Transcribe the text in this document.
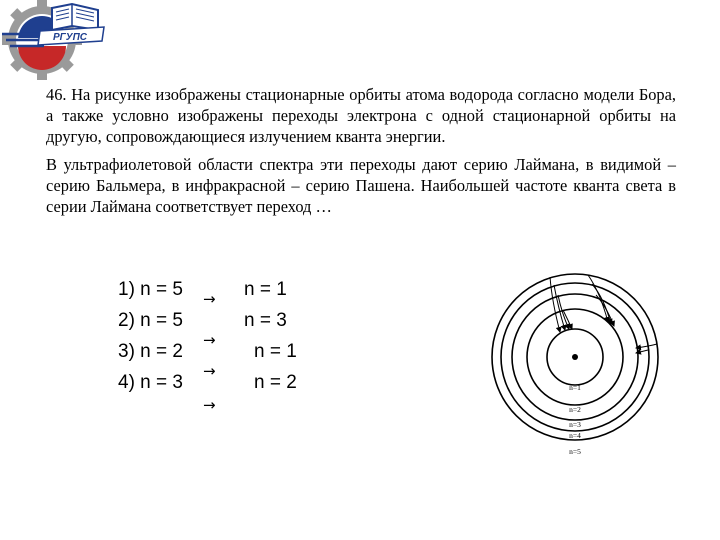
РГУПС

46. На рисунке изображены стационарные орбиты атома водорода согласно модели Бора, а также условно изображены переходы электрона с одной стационарной орбиты на другую, сопровождающиеся излучением кванта энергии.

В ультрафиолетовой области спектра эти переходы дают серию Лаймана, в видимой – серию Бальмера, в инфракрасной – серию Пашена. Наибольшей частоте кванта света в серии Лаймана соответствует переход …

1) n = 5	n = 1
2) n = 5	n = 3
3) n = 2	n = 1
4) n = 3	n = 2
→
→
→
→
n=1
n=2
n=3
n=4
n=5
